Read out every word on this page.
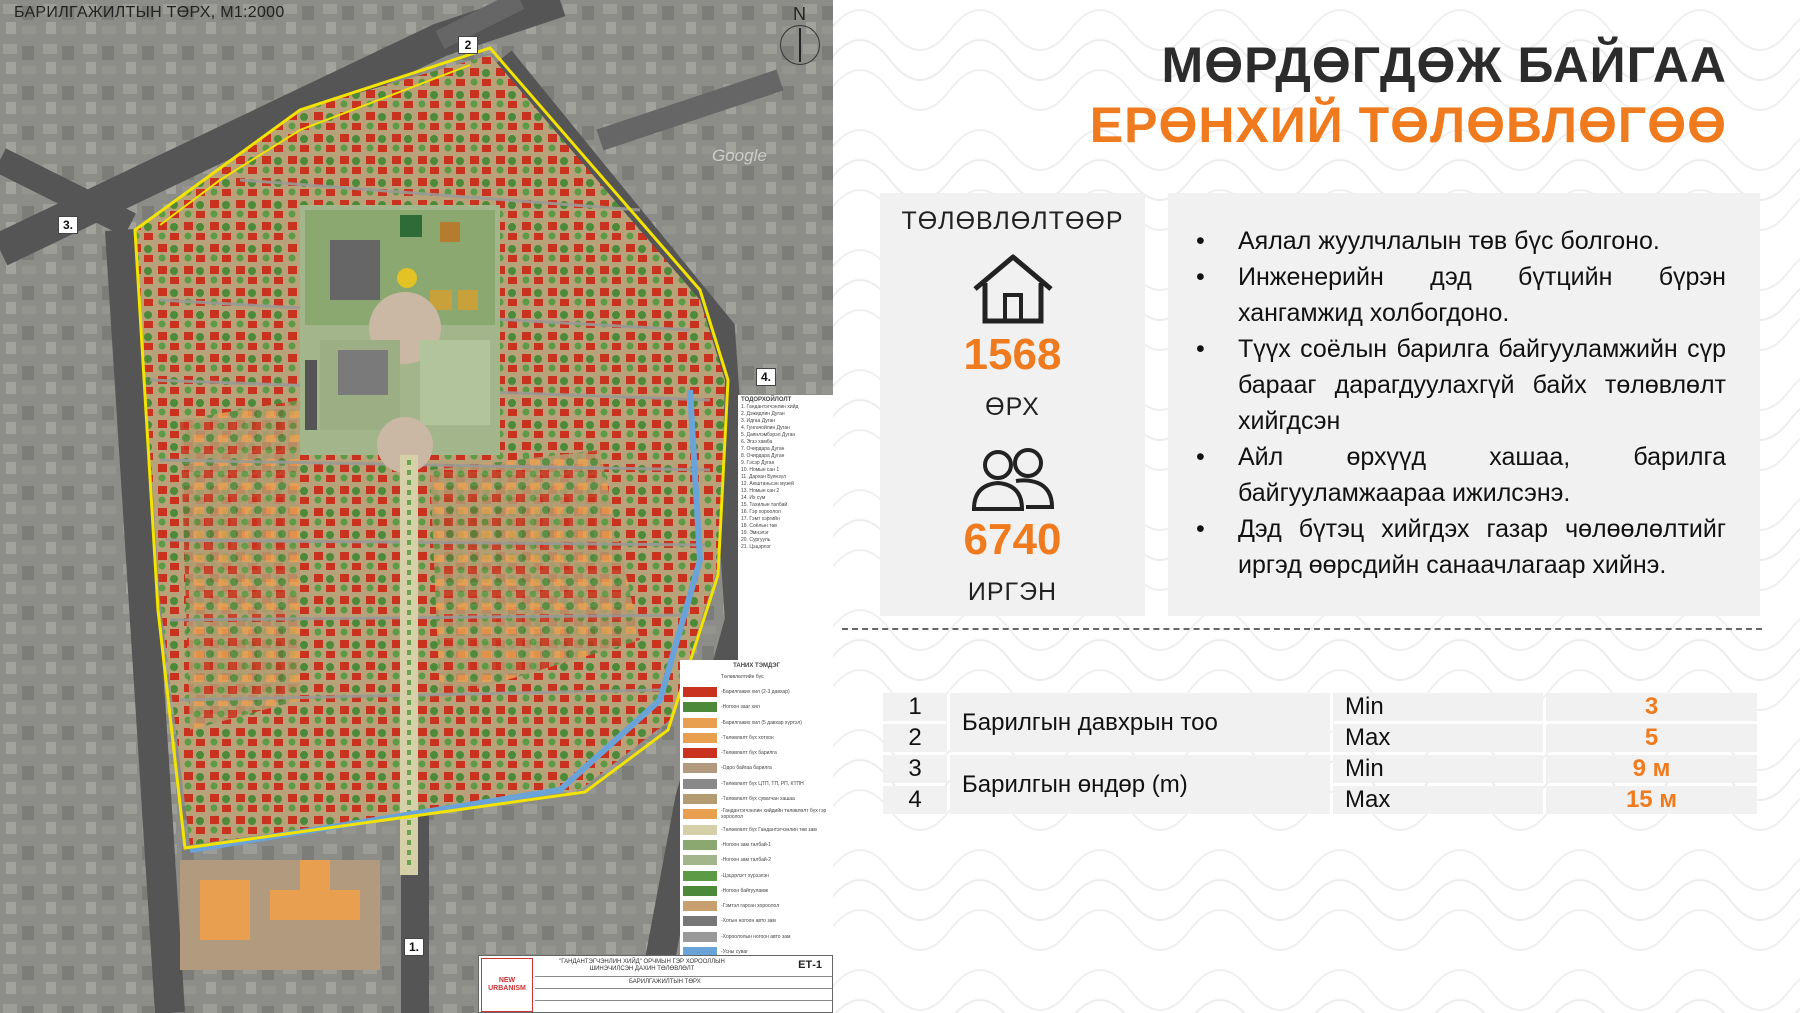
БАРИЛГАЖИЛТЫН ТӨРХ, M1:2000
2
3.
4.
1.
N
Google
ТОДОРХОЙЛОЛТ
1. Гандантэгчэнлин хийд
2. Дэжидлин Дуган
3. Идгаа Дуган
4. Гунгачойлин Дуган
5. Даянлэмбэрэл Дуган
6. Эгзэ хамба
7. Очирдара Дуган
8. Очирдара Дуган
9. Гэсэр Дуган
10. Номын сан 1
11. Дархан Буянзүл
12. Аюштаньсэн музей
13. Номын сан 2
14. Их сүм
15. Тахилын талбай
16. Гэр хороолол
17. Гэмт хэргийн
18. Соёлын төв
19. Эмнэлэг
20. Сургууль
21. Цэцэрлэг
ТАНИХ ТЭМДЭГ
Төлөвлөлтийн бүс
-Барилгажих хил (2-3 давхар)
-Ногоон зааг хил
-Барилгажих хил (5 давхар хүртэл)
-Төлөвлөлт бүх хотхон
-Төлөвлөлт бүх барилга
-Одоо байгаа барилга
-Төлөвлөлт бүх ЦТП, ТП, РП, КТПН
-Төлөвлөлт бүх сувагчан хашаа
-Гандантэгчэнлин хийдийн төлөвлөлт бүх гэр хороолол
-Төлөвлөлт бүх Гандантэгчэнлин төв зам
-Ногоон зам талбай-1
-Ногоон зам талбай-2
-Цэцэрлэгт хүрээлэн
-Ногоон байгууламж
-Гэмтэл гарсан хороолол
-Хотын ногоон авто зам
-Хороололын ногоон авто зам
-Усны суваг
NEW URBANISM
"ГАНДАНТЭГЧЭНЛИН ХИЙД" ОРЧМЫН ГЭР ХОРООЛЛЫН ШИНЭЧИЛСЭН ДАХИН ТӨЛӨВЛӨЛТ	ЕТ-1
БАРИЛГАЖИЛТЫН ТӨРХ
МӨРДӨГДӨЖ БАЙГАА
ЕРӨНХИЙ ТӨЛӨВЛӨГӨӨ
ТӨЛӨВЛӨЛТӨӨР
1568
ӨРХ
6740
ИРГЭН
• Аялал жуулчлалын төв бүс болгоно.
• Инженерийн дэд бүтцийн бүрэн хангамжид холбогдоно.
• Түүх соёлын барилга байгууламжийн сүр барааг дарагдуулахгүй байх төлөвлөлт хийгдсэн
• Айл өрхүүд хашаа, барилга байгууламжаараа ижилсэнэ.
• Дэд бүтэц хийгдэх газар чөлөөлөлтийг иргэд өөрсдийн санаачлагаар хийнэ.
1	Барилгын давхрын тоо	Min	3
2		Max	5
3	Барилгын өндөр (m)	Min	9 м
4		Max	15 м
